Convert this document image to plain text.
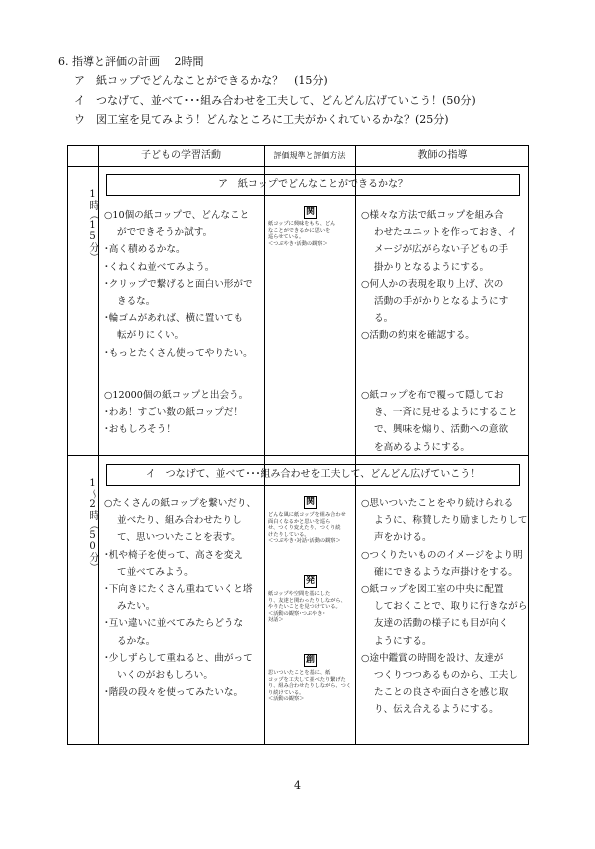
6. 指導と評価の計画　 2時間
ア　紙コップでどんなことができるかな？　(15分)
イ　つなげて、並べて･･･組み合わせを工夫して、どんどん広げていこう！(50分)
ウ　図工室を見てみよう！どんなところに工夫がかくれているかな？(25分)
子どもの学習活動	評価規準と評価方法	教師の指導
1時（15分）
ア　紙コップでどんなことができるかな？
○10個の紙コップで、どんなこと
がでできそうか試す。
･高く積めるかな。
･くねくね並べてみよう。
･クリップで繋げると面白い形がで
きるな。
･輪ゴムがあれば、横に置いても
転がりにくい。
･もっとたくさん使ってやりたい。
○12000個の紙コップと出会う。
･わあ！すごい数の紙コップだ！
･おもしろそう！
関
紙コップに興味をもち、どん
なことができるかに思いを
巡らせている。
＜つぶやき･活動の観察＞
○様々な方法で紙コップを組み合
わせたユニットを作っておき、イ
メージが広がらない子どもの手
掛かりとなるようにする。
○何人かの表現を取り上げ、次の
活動の手がかりとなるようにす
る。
○活動の約束を確認する。
○紙コップを布で覆って隠してお
き、一斉に見せるようにすること
で、興味を煽り、活動への意欲
を高めるようにする。
1〜2時（50分）
イ　つなげて、並べて･･･組み合わせを工夫して、どんどん広げていこう！
○たくさんの紙コップを繋いだり、
並べたり、組み合わせたりし
て、思いついたことを表す。
･机や椅子を使って、高さを変え
て並べてみよう。
･下向きにたくさん重ねていくと塔
みたい。
･互い違いに並べてみたらどうな
るかな。
･少しずらして重ねると、曲がって
いくのがおもしろい。
･階段の段々を使ってみたいな。
関
どんな風に紙コップを組み合わせ
面白くなるかと思いを巡ら
せ、つくり変えたり、つくり続
けたりしている。
＜つぶやき･対話･活動の観察＞
発
紙コップや空間を基にした
り、友達と関わったりしながら、
やりたいことを見つけている。
＜活動の観察･つぶやき･
対話＞
創
思いついたことを基に、紙
コップを工夫して並べたり繋げた
り、組み合わせたりしながら、つく
り続けている。
＜活動の観察＞
○思いついたことをやり続けられる
ように、称賛したり励ましたりして
声をかける。
○つくりたいもののイメージをより明
確にできるような声掛けをする。
○紙コップを図工室の中央に配置
しておくことで、取りに行きながら
友達の活動の様子にも目が向く
ようにする。
○途中鑑賞の時間を設け、友達が
つくりつつあるものから、工夫し
たことの良さや面白さを感じ取
り、伝え合えるようにする。
4
